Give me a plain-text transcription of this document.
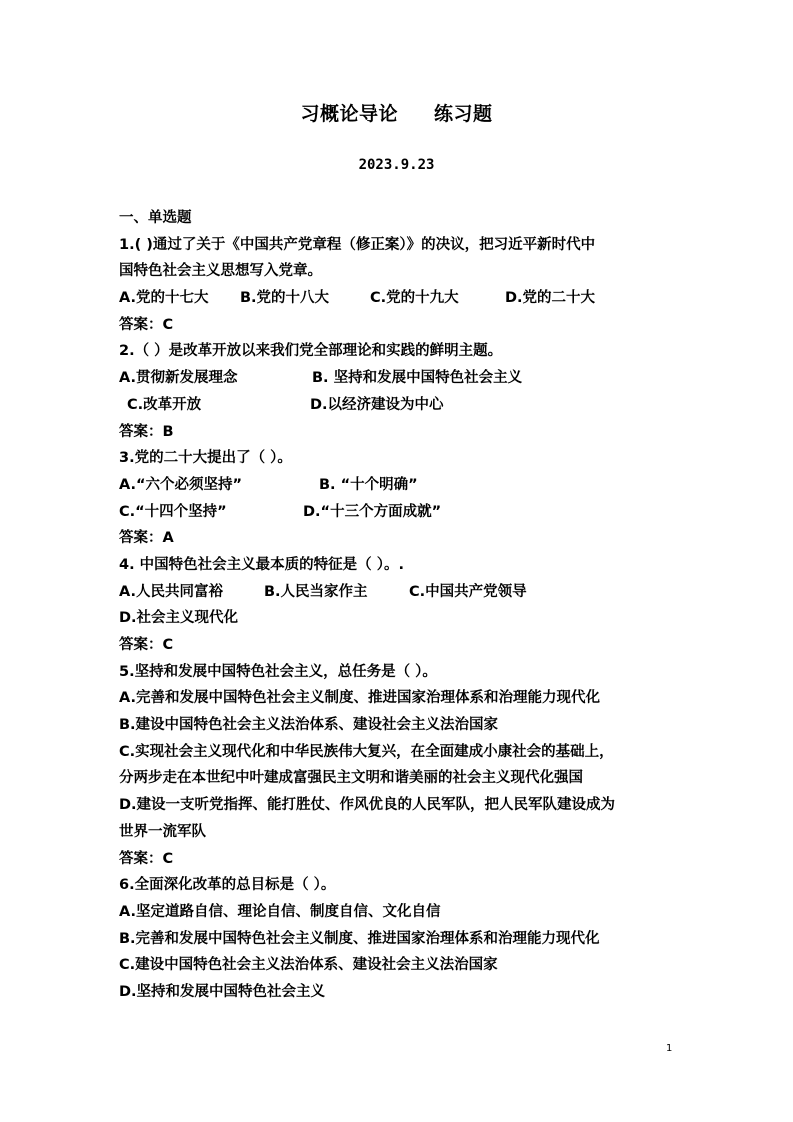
习概论导论 练习题
2023.9.23
一、单选题
1.( )通过了关于《中国共产党章程（修正案）》的决议，把习近平新时代中
国特色社会主义思想写入党章。
A.党的十七大	B.党的十八大	C.党的十九大	D.党的二十大
答案：C
2.（ ）是改革开放以来我们党全部理论和实践的鲜明主题。
A.贯彻新发展理念	B. 坚持和发展中国特色社会主义
C.改革开放	D.以经济建设为中心
答案：B
3.党的二十大提出了（ ）。
A.“六个必须坚持”	B. “十个明确”
C.“十四个坚持”	D.“十三个方面成就”
答案：A
4. 中国特色社会主义最本质的特征是（ ）。.
A.人民共同富裕	B.人民当家作主	C.中国共产党领导
D.社会主义现代化
答案：C
5.坚持和发展中国特色社会主义，总任务是（ ）。
A.完善和发展中国特色社会主义制度、推进国家治理体系和治理能力现代化
B.建设中国特色社会主义法治体系、建设社会主义法治国家
C.实现社会主义现代化和中华民族伟大复兴，在全面建成小康社会的基础上，
分两步走在本世纪中叶建成富强民主文明和谐美丽的社会主义现代化强国
D.建设一支听党指挥、能打胜仗、作风优良的人民军队，把人民军队建设成为
世界一流军队
答案：C
6.全面深化改革的总目标是（ ）。
A.坚定道路自信、理论自信、制度自信、文化自信
B.完善和发展中国特色社会主义制度、推进国家治理体系和治理能力现代化
C.建设中国特色社会主义法治体系、建设社会主义法治国家
D.坚持和发展中国特色社会主义
1
